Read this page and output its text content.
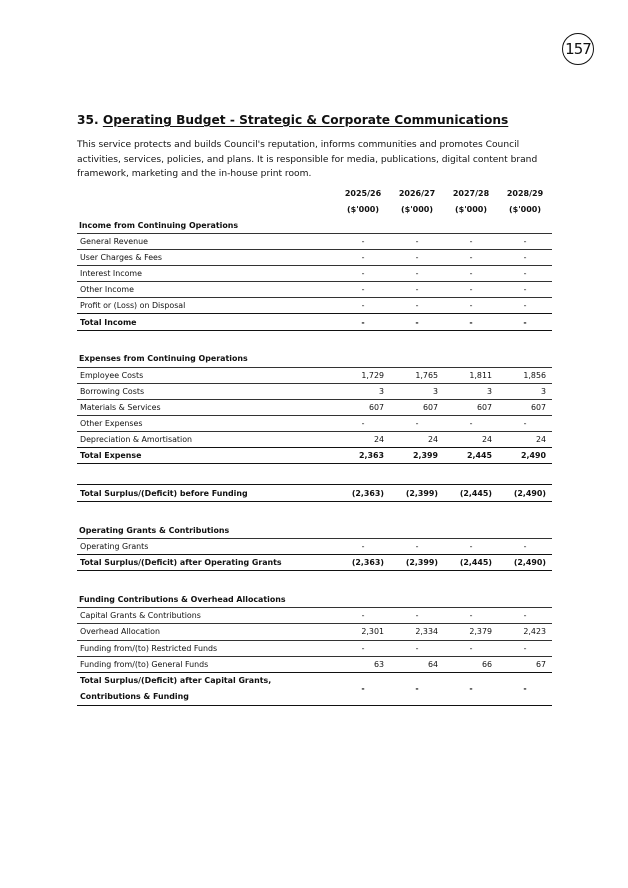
157
35. Operating Budget - Strategic & Corporate Communications

This service protects and builds Council's reputation, informs communities and promotes Council activities, services, policies, and plans. It is responsible for media, publications, digital content brand framework, marketing and the in-house print room.

	2025/26	2026/27	2027/28	2028/29
	($'000)	($'000)	($'000)	($'000)
Income from Continuing Operations				
General Revenue	-	-	-	-
User Charges & Fees	-	-	-	-
Interest Income	-	-	-	-
Other Income	-	-	-	-
Profit or (Loss) on Disposal	-	-	-	-
Total Income	-	-	-	-

Expenses from Continuing Operations				
Employee Costs	1,729	1,765	1,811	1,856
Borrowing Costs	3	3	3	3
Materials & Services	607	607	607	607
Other Expenses	-	-	-	-
Depreciation & Amortisation	24	24	24	24
Total Expense	2,363	2,399	2,445	2,490

Total Surplus/(Deficit) before Funding	(2,363)	(2,399)	(2,445)	(2,490)

Operating Grants & Contributions				
Operating Grants	-	-	-	-
Total Surplus/(Deficit) after Operating Grants	(2,363)	(2,399)	(2,445)	(2,490)

Funding Contributions & Overhead Allocations				
Capital Grants & Contributions	-	-	-	-
Overhead Allocation	2,301	2,334	2,379	2,423
Funding from/(to) Restricted Funds	-	-	-	-
Funding from/(to) General Funds	63	64	66	67
Total Surplus/(Deficit) after Capital Grants, Contributions & Funding	-	-	-	-
